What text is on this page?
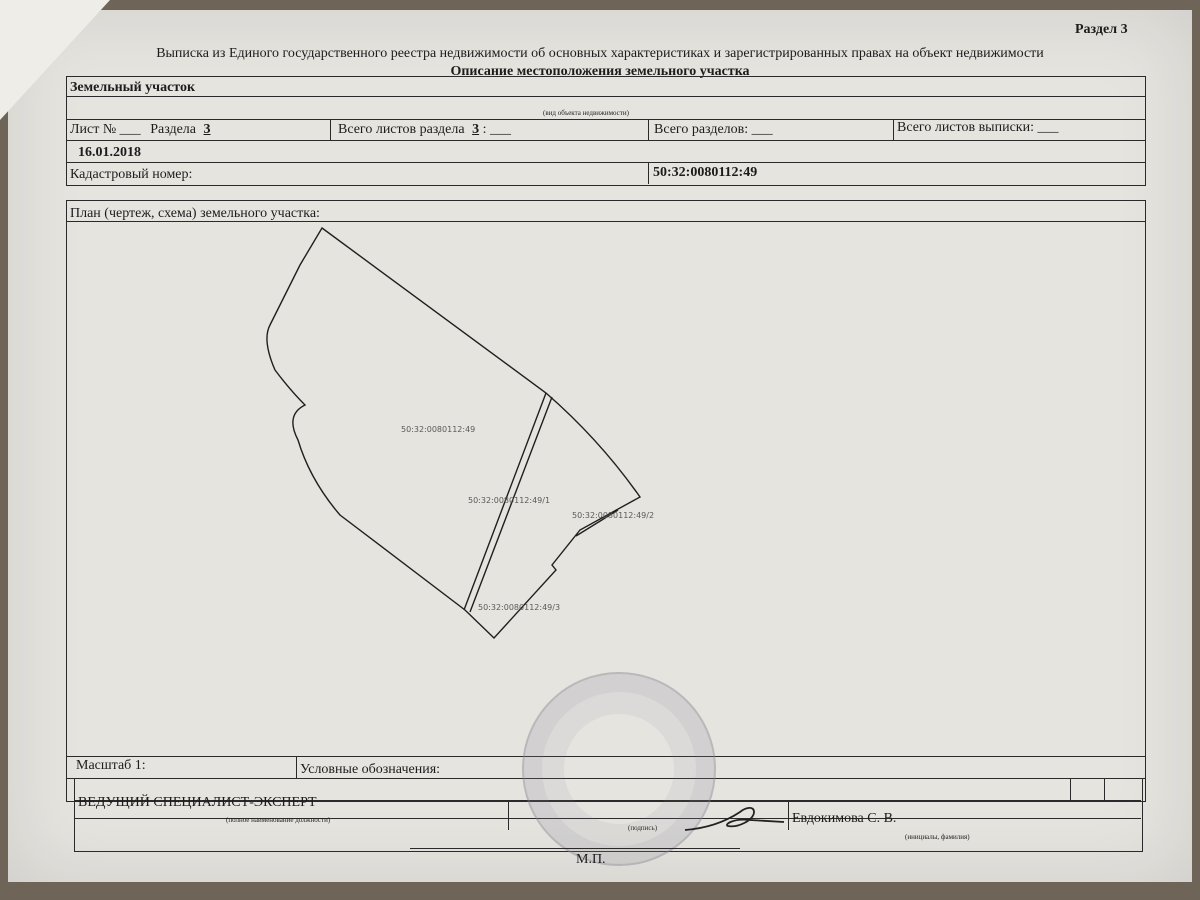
Раздел 3
Выписка из Единого государственного реестра недвижимости об основных характеристиках и зарегистрированных правах на объект недвижимости
Описание местоположения земельного участка
Земельный участок
(вид объекта недвижимости)
Лист № ___ Раздела 3	Всего листов раздела 3 : ___	Всего разделов: ___	Всего листов выписки: ___
16.01.2018
Кадастровый номер:	50:32:0080112:49
План (чертеж, схема) земельного участка:
50:32:0080112:49
50:32:0080112:49/1
50:32:0080112:49/2
50:32:0080112:49/3
Масштаб 1:	Условные обозначения:
ВЕДУЩИЙ СПЕЦИАЛИСТ-ЭКСПЕРТ
(полное наименование должности)
(подпись)
Евдокимова С. В.
(инициалы, фамилия)
М.П.
